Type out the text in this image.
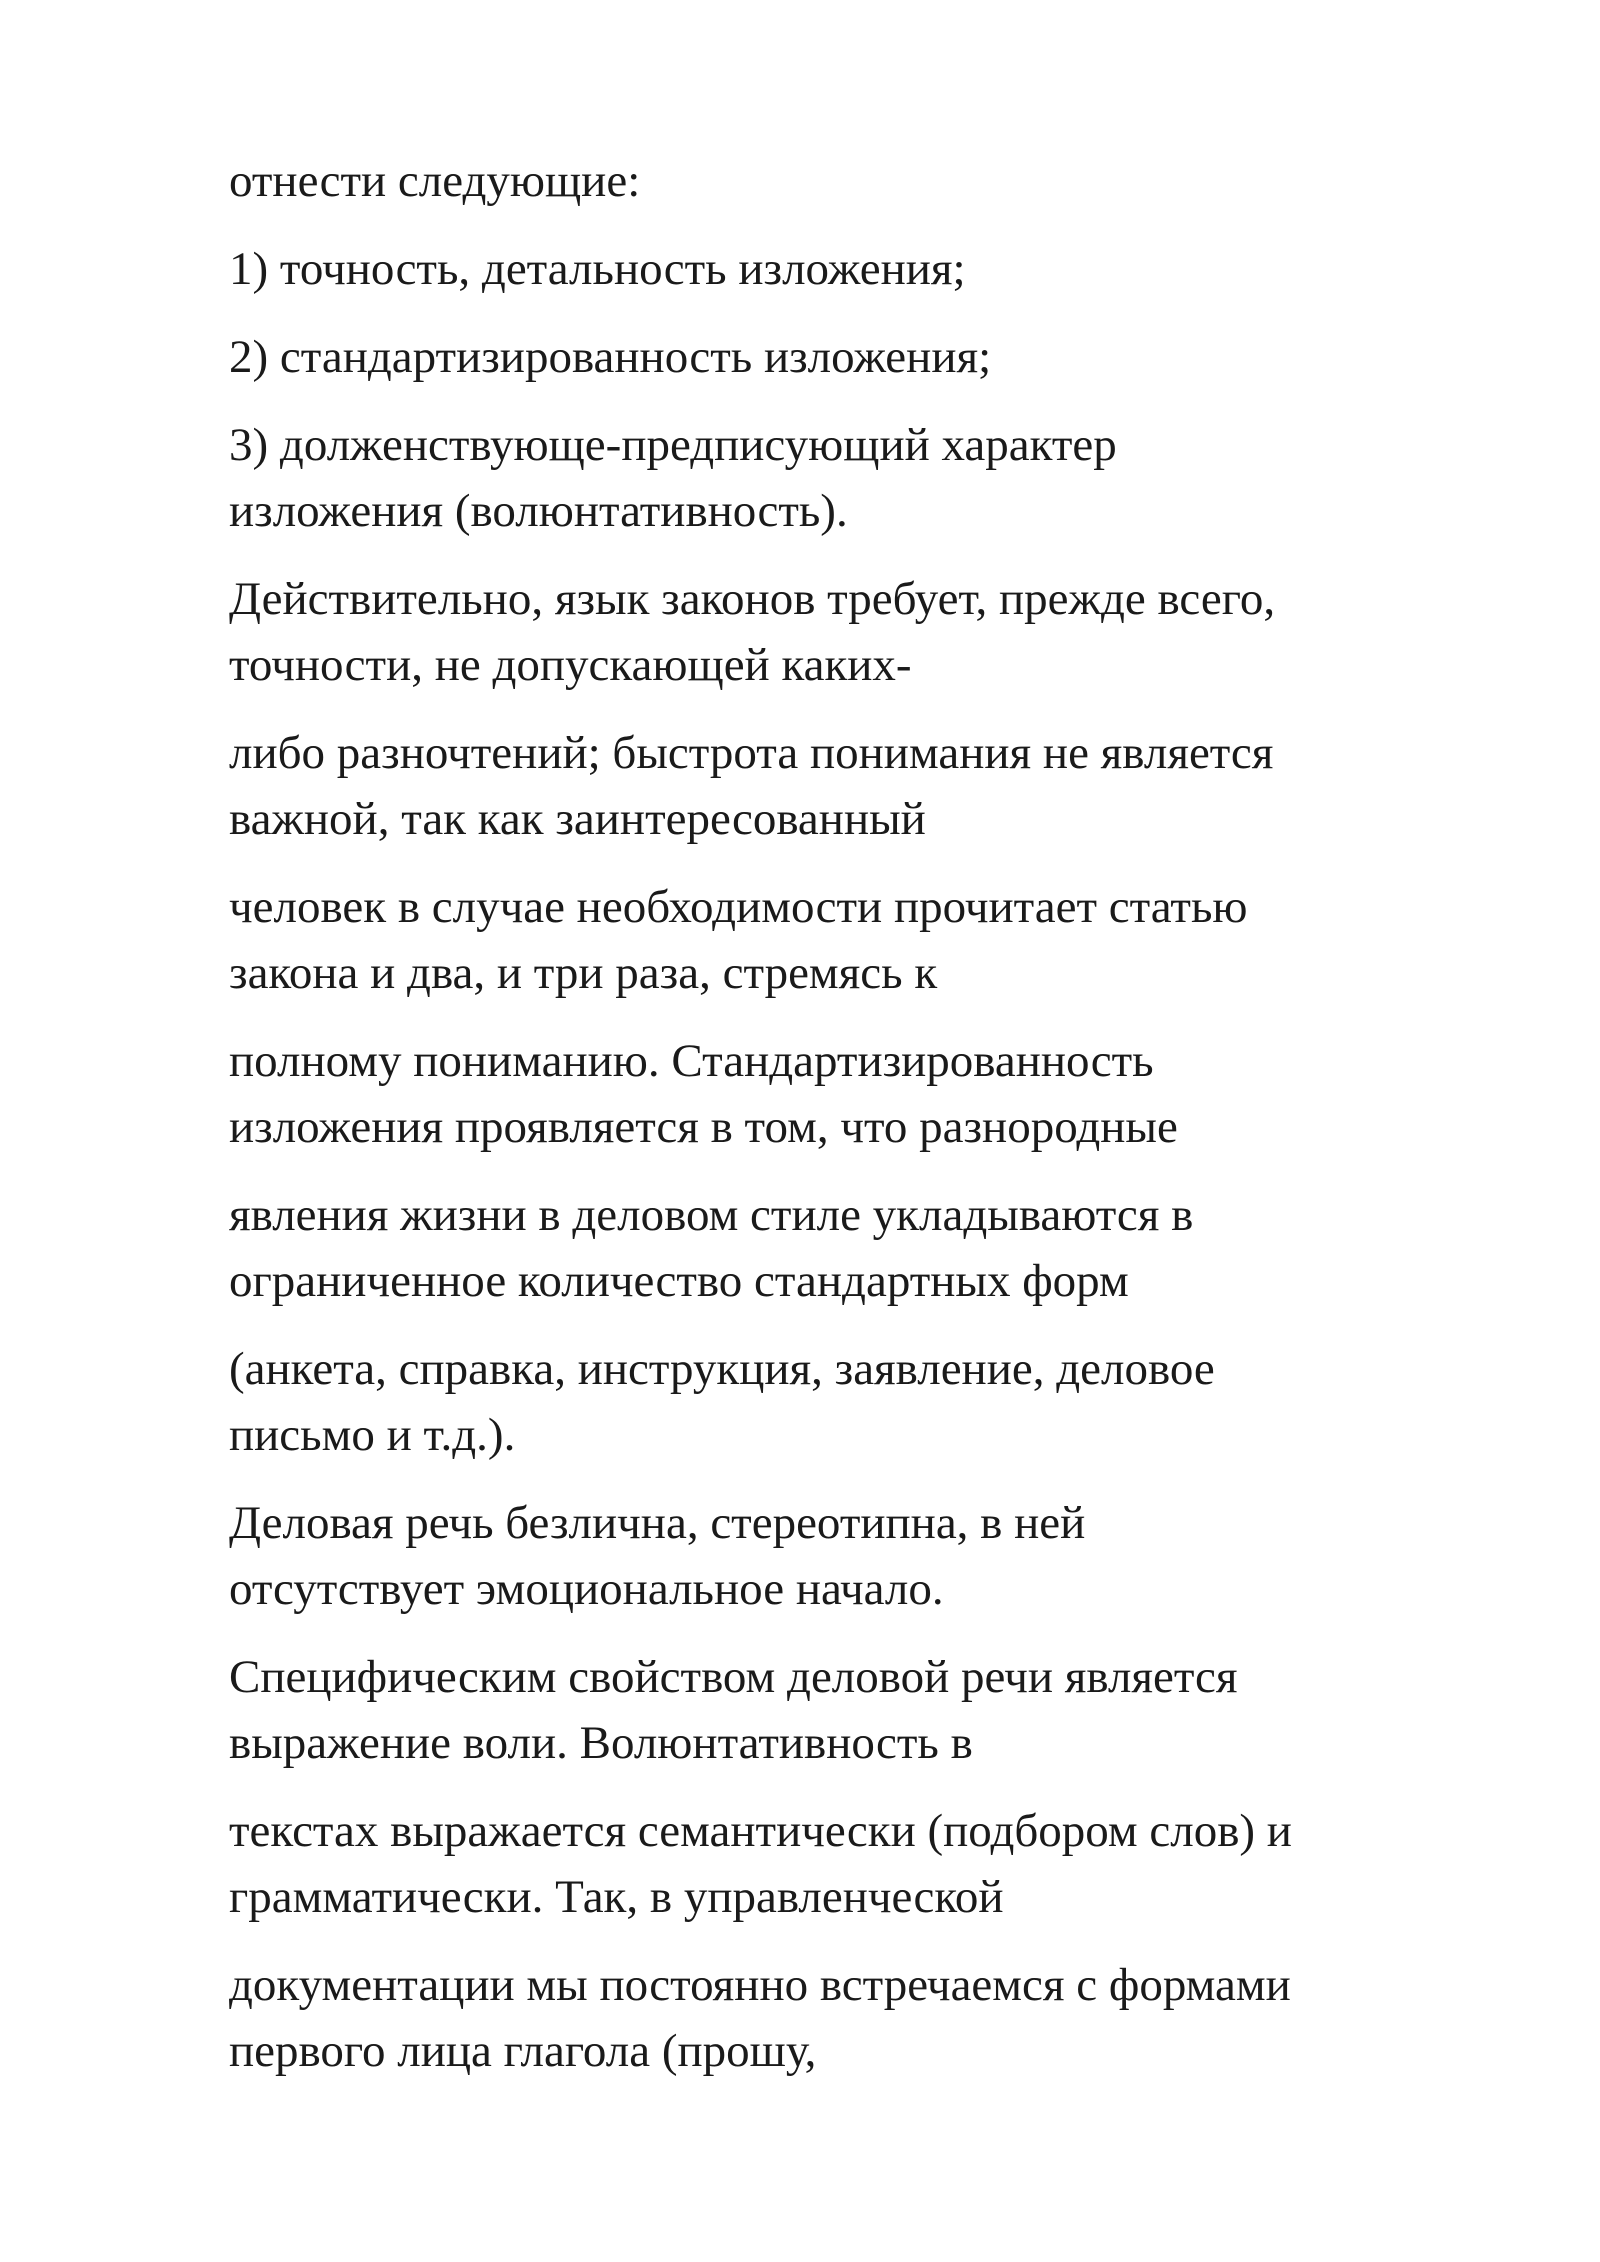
отнести следующие:

1) точность, детальность изложения;

2) стандартизированность изложения;

3) долженствующе-предписующий характер
изложения (волюнтативность).

Действительно, язык законов требует, прежде всего,
точности, не допускающей каких-

либо разночтений; быстрота понимания не является
важной, так как заинтересованный

человек в случае необходимости прочитает статью
закона и два, и три раза, стремясь к

полному пониманию. Стандартизированность
изложения проявляется в том, что разнородные

явления жизни в деловом стиле укладываются в
ограниченное количество стандартных форм

(анкета, справка, инструкция, заявление, деловое
письмо и т.д.).

Деловая речь безлична, стереотипна, в ней
отсутствует эмоциональное начало.

Специфическим свойством деловой речи является
выражение воли. Волюнтативность в

текстах выражается семантически (подбором слов) и
грамматически. Так, в управленческой

документации мы постоянно встречаемся с формами
первого лица глагола (прошу,
